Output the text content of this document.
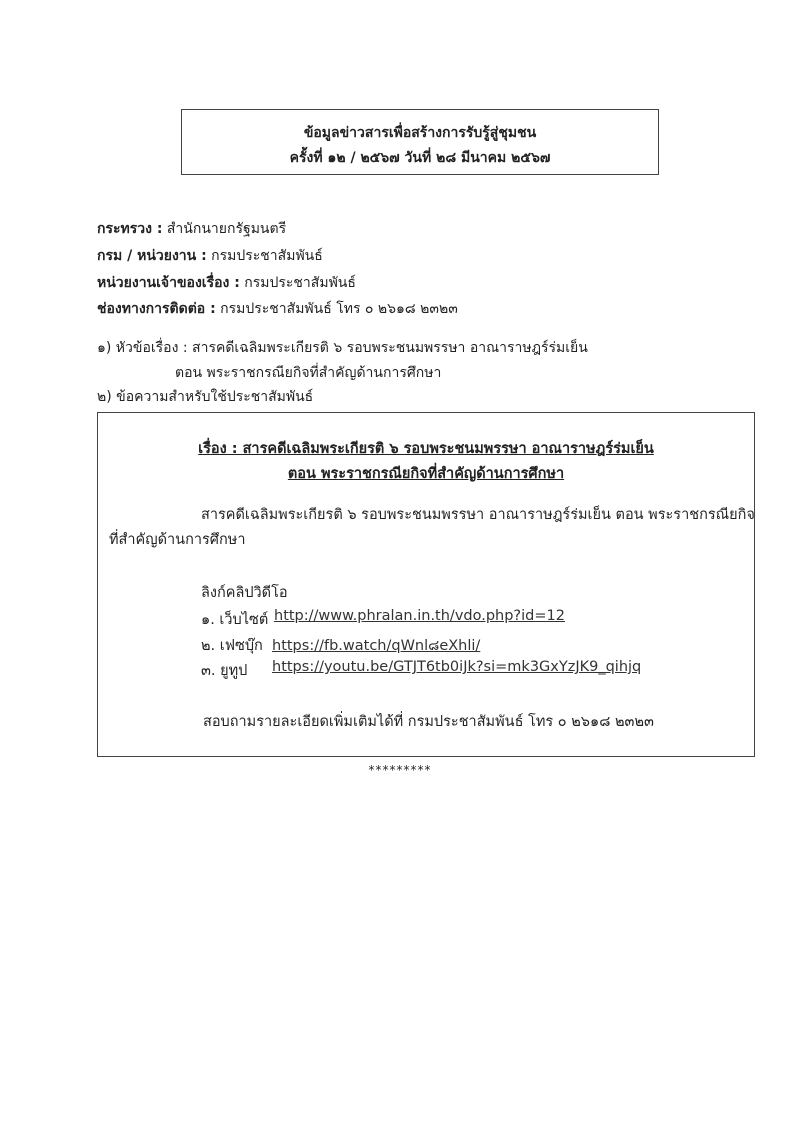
ข้อมูลข่าวสารเพื่อสร้างการรับรู้สู่ชุมชน
ครั้งที่ ๑๒ / ๒๕๖๗ วันที่ ๒๘ มีนาคม ๒๕๖๗
กระทรวง : สำนักนายกรัฐมนตรี
กรม / หน่วยงาน : กรมประชาสัมพันธ์
หน่วยงานเจ้าของเรื่อง : กรมประชาสัมพันธ์
ช่องทางการติดต่อ : กรมประชาสัมพันธ์ โทร ๐ ๒๖๑๘ ๒๓๒๓
๑) หัวข้อเรื่อง : สารคดีเฉลิมพระเกียรติ ๖ รอบพระชนมพรรษา อาณาราษฎร์ร่มเย็น
ตอน พระราชกรณียกิจที่สำคัญด้านการศึกษา
๒) ข้อความสำหรับใช้ประชาสัมพันธ์
เรื่อง : สารคดีเฉลิมพระเกียรติ ๖ รอบพระชนมพรรษา อาณาราษฎร์ร่มเย็น
ตอน พระราชกรณียกิจที่สำคัญด้านการศึกษา
สารคดีเฉลิมพระเกียรติ ๖ รอบพระชนมพรรษา อาณาราษฎร์ร่มเย็น ตอน พระราชกรณียกิจ
ที่สำคัญด้านการศึกษา
ลิงก์คลิปวิดีโอ
๑. เว็บไซต์ http://www.phralan.in.th/vdo.php?id=12
๒. เฟซบุ๊ก https://fb.watch/qWnl๘eXhli/
๓. ยูทูป https://youtu.be/GTJT6tb0iJk?si=mk3GxYzJK9_qihjq
สอบถามรายละเอียดเพิ่มเติมได้ที่ กรมประชาสัมพันธ์ โทร ๐ ๒๖๑๘ ๒๓๒๓
*********
